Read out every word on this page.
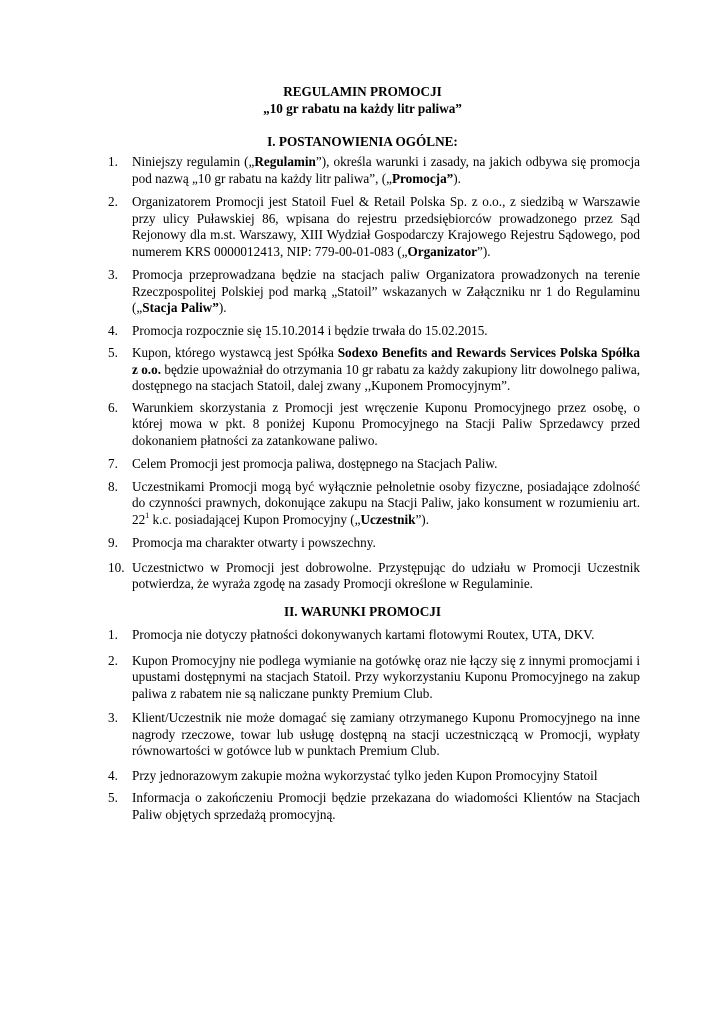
REGULAMIN PROMOCJI
„10 gr rabatu na każdy litr paliwa”
I. POSTANOWIENIA OGÓLNE:
1. Niniejszy regulamin („Regulamin”), określa warunki i zasady, na jakich odbywa się promocja pod nazwą „10 gr rabatu na każdy litr paliwa”, („Promocja”).

2. Organizatorem Promocji jest Statoil Fuel & Retail Polska Sp. z o.o., z siedzibą w Warszawie przy ulicy Puławskiej 86, wpisana do rejestru przedsiębiorców prowadzonego przez Sąd Rejonowy dla m.st. Warszawy, XIII Wydział Gospodarczy Krajowego Rejestru Sądowego, pod numerem KRS 0000012413, NIP: 779-00-01-083 („Organizator”).

3. Promocja przeprowadzana będzie na stacjach paliw Organizatora prowadzonych na terenie Rzeczpospolitej Polskiej pod marką „Statoil” wskazanych w Załączniku nr 1 do Regulaminu („Stacja Paliw”).

4. Promocja rozpocznie się 15.10.2014 i będzie trwała do 15.02.2015.

5. Kupon, którego wystawcą jest Spółka Sodexo Benefits and Rewards Services Polska Spółka z o.o. będzie upoważniał do otrzymania 10 gr rabatu za każdy zakupiony litr dowolnego paliwa, dostępnego na stacjach Statoil, dalej zwany ,,Kuponem Promocyjnym”.

6. Warunkiem skorzystania z Promocji jest wręczenie Kuponu Promocyjnego przez osobę, o której mowa w pkt. 8 poniżej Kuponu Promocyjnego na Stacji Paliw Sprzedawcy przed dokonaniem płatności za zatankowane paliwo.

7. Celem Promocji jest promocja paliwa, dostępnego na Stacjach Paliw.

8. Uczestnikami Promocji mogą być wyłącznie pełnoletnie osoby fizyczne, posiadające zdolność do czynności prawnych, dokonujące zakupu na Stacji Paliw, jako konsument w rozumieniu art. $22^1$ k.c. posiadającej Kupon Promocyjny („Uczestnik”).

9. Promocja ma charakter otwarty i powszechny.

10. Uczestnictwo w Promocji jest dobrowolne. Przystępując do udziału w Promocji Uczestnik potwierdza, że wyraża zgodę na zasady Promocji określone w Regulaminie.

II. WARUNKI PROMOCJI
1. Promocja nie dotyczy płatności dokonywanych kartami flotowymi Routex, UTA, DKV.

2. Kupon Promocyjny nie podlega wymianie na gotówkę oraz nie łączy się z innymi promocjami i upustami dostępnymi na stacjach Statoil. Przy wykorzystaniu Kuponu Promocyjnego na zakup paliwa z rabatem nie są naliczane punkty Premium Club.

3. Klient/Uczestnik nie może domagać się zamiany otrzymanego Kuponu Promocyjnego na inne nagrody rzeczowe, towar lub usługę dostępną na stacji uczestniczącą w Promocji, wypłaty równowartości w gotówce lub w punktach Premium Club.

4. Przy jednorazowym zakupie można wykorzystać tylko jeden Kupon Promocyjny Statoil

5. Informacja o zakończeniu Promocji będzie przekazana do wiadomości Klientów na Stacjach Paliw objętych sprzedażą promocyjną.
